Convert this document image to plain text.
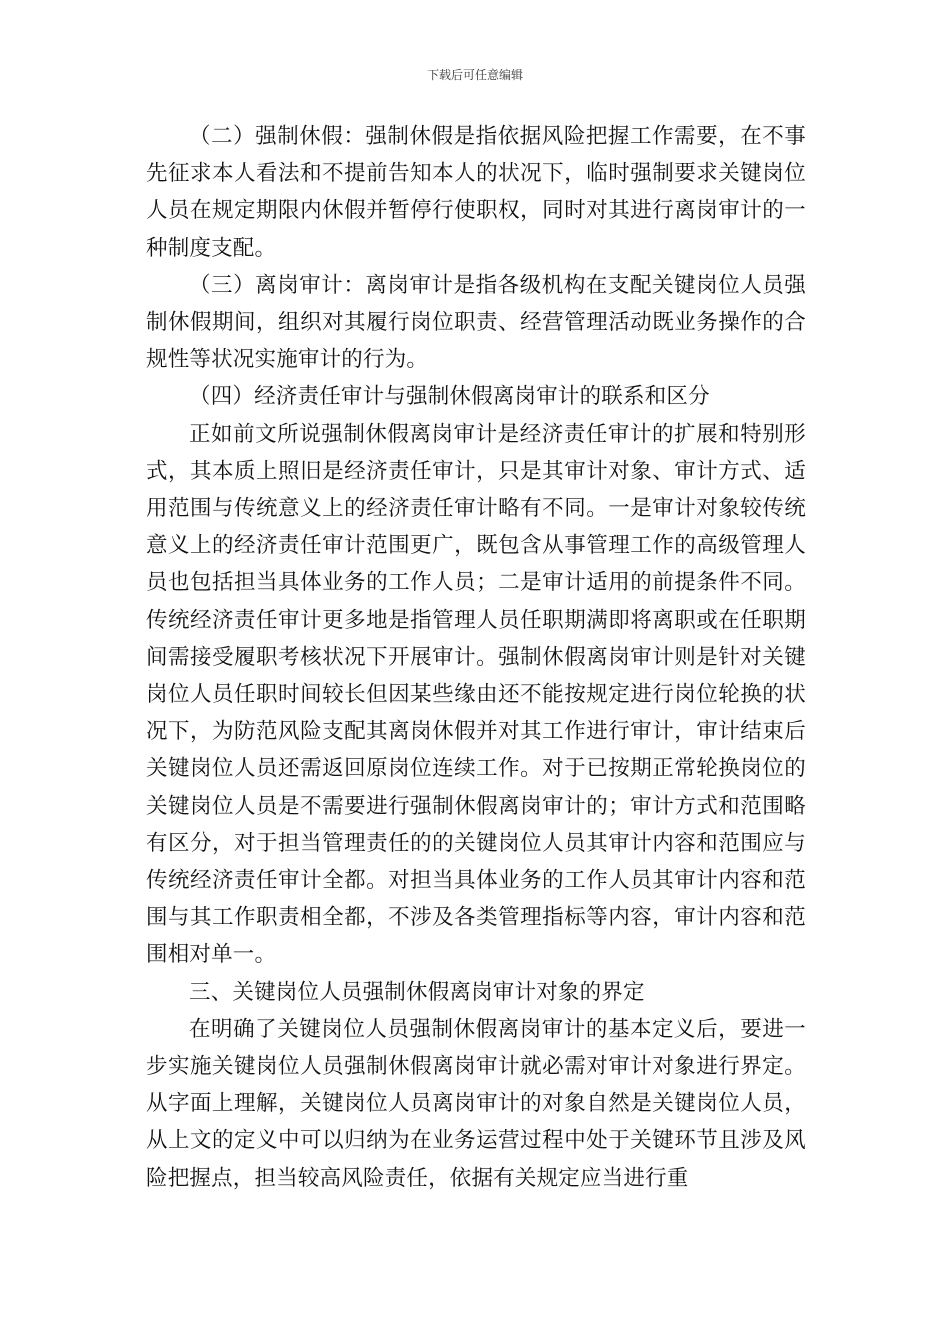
下载后可任意编辑

（二）强制休假：强制休假是指依据风险把握工作需要，在不事先征求本人看法和不提前告知本人的状况下，临时强制要求关键岗位人员在规定期限内休假并暂停行使职权，同时对其进行离岗审计的一种制度支配。

（三）离岗审计：离岗审计是指各级机构在支配关键岗位人员强制休假期间，组织对其履行岗位职责、经营管理活动既业务操作的合规性等状况实施审计的行为。

（四）经济责任审计与强制休假离岗审计的联系和区分

正如前文所说强制休假离岗审计是经济责任审计的扩展和特别形式，其本质上照旧是经济责任审计，只是其审计对象、审计方式、适用范围与传统意义上的经济责任审计略有不同。一是审计对象较传统意义上的经济责任审计范围更广，既包含从事管理工作的高级管理人员也包括担当具体业务的工作人员；二是审计适用的前提条件不同。传统经济责任审计更多地是指管理人员任职期满即将离职或在任职期间需接受履职考核状况下开展审计。强制休假离岗审计则是针对关键岗位人员任职时间较长但因某些缘由还不能按规定进行岗位轮换的状况下，为防范风险支配其离岗休假并对其工作进行审计，审计结束后关键岗位人员还需返回原岗位连续工作。对于已按期正常轮换岗位的关键岗位人员是不需要进行强制休假离岗审计的；审计方式和范围略有区分，对于担当管理责任的的关键岗位人员其审计内容和范围应与传统经济责任审计全都。对担当具体业务的工作人员其审计内容和范围与其工作职责相全都，不涉及各类管理指标等内容，审计内容和范围相对单一。

三、关键岗位人员强制休假离岗审计对象的界定

在明确了关键岗位人员强制休假离岗审计的基本定义后，要进一步实施关键岗位人员强制休假离岗审计就必需对审计对象进行界定。从字面上理解，关键岗位人员离岗审计的对象自然是关键岗位人员，从上文的定义中可以归纳为在业务运营过程中处于关键环节且涉及风险把握点，担当较高风险责任，依据有关规定应当进行重
